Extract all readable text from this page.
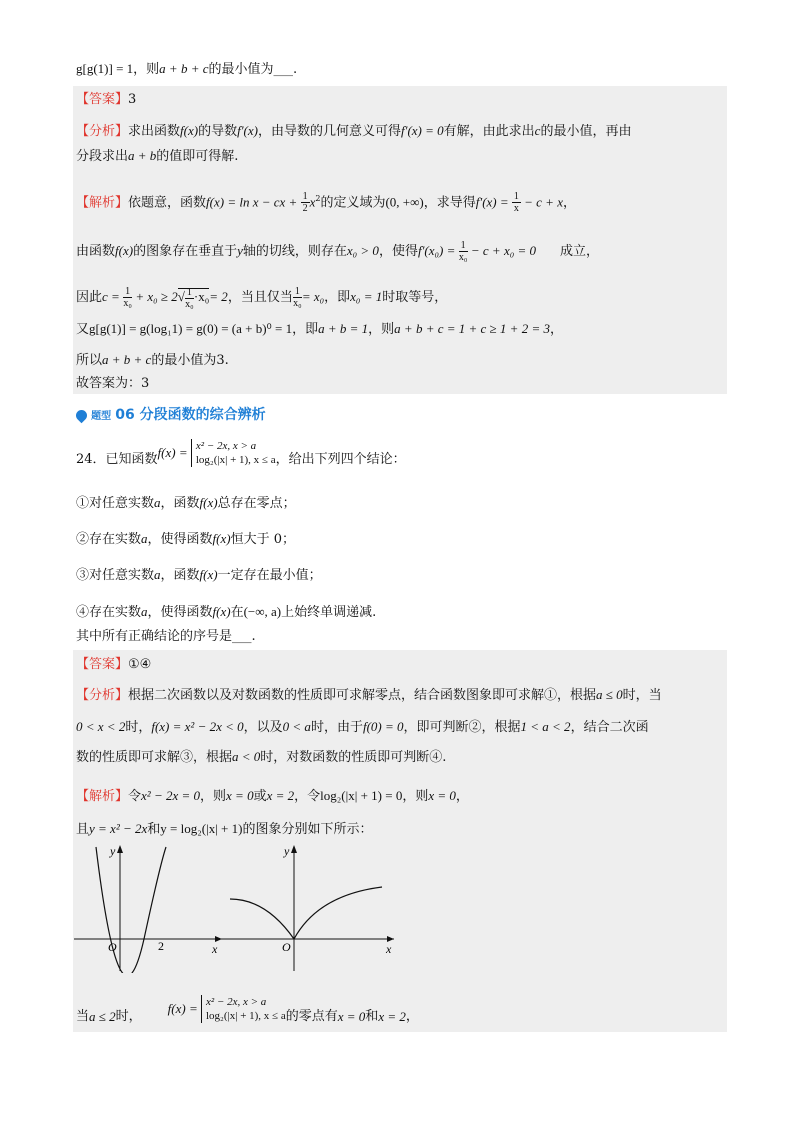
g[g(1)] = 1，则a + b + c的最小值为___.
【答案】3
【分析】求出函数f(x)的导数f′(x)，由导数的几何意义可得f′(x) = 0有解，由此求出c的最小值，再由
分段求出a + b的值即可得解.
【解析】依题意，函数f(x) = ln x − cx + $\frac{1}{2} x^2$的定义域为(0, +∞)，求导得$f'(x) = \frac{1}{x} - c + x$，
由函数f(x)的图象存在垂直于y轴的切线，则存在x₀ > 0，使得$f'(x_0) = \frac{1}{\text{x₀}} - c + x_0 = 0$ 成立，
因此$c = \frac{1}{\text{x₀}} + x_0 \ge 2√ \frac{1}{\text{x₀}} \cdot x_0= 2$，当且仅当 $\frac{1}{\text{x₀}} = x_0$，即x₀ = 1时取等号，
又g[g(1)] = g(log₁1) = g(0) = (a + b)⁰ = 1，即a + b = 1，则a + b + c = 1 + c ≥ 1 + 2 = 3，
所以a + b + c的最小值为3.
故答案为：3
题型 06 分段函数的综合辨析
24．已知函数f(x) = x² − 2x, x > a
log₂(|x| + 1), x ≤ a，给出下列四个结论：
①对任意实数a，函数f(x)总存在零点；
②存在实数a，使得函数f(x)恒大于 0；
③对任意实数a，函数f(x)一定存在最小值；
④存在实数a，使得函数f(x)在(−∞, a)上始终单调递减.
其中所有正确结论的序号是___.
【答案】①④
【分析】根据二次函数以及对数函数的性质即可求解零点，结合函数图象即可求解①，根据a ≤ 0时，当
0 < x < 2时，f(x) = x² − 2x < 0，以及0 < a时，由于f(0) = 0，即可判断②，根据1 < a < 2，结合二次函
数的性质即可求解③，根据a < 0时，对数函数的性质即可判断④.
【解析】令x² − 2x = 0，则x = 0或x = 2，令log₂(|x| + 1) = 0，则x = 0，
且y = x² − 2x和y = log₂(|x| + 1)的图象分别如下所示：
y
x
O	2
y
x
O
当a ≤ 2时，f(x) = x² − 2x, x > a
log₂(|x| + 1), x ≤ a的零点有x = 0和x = 2，
